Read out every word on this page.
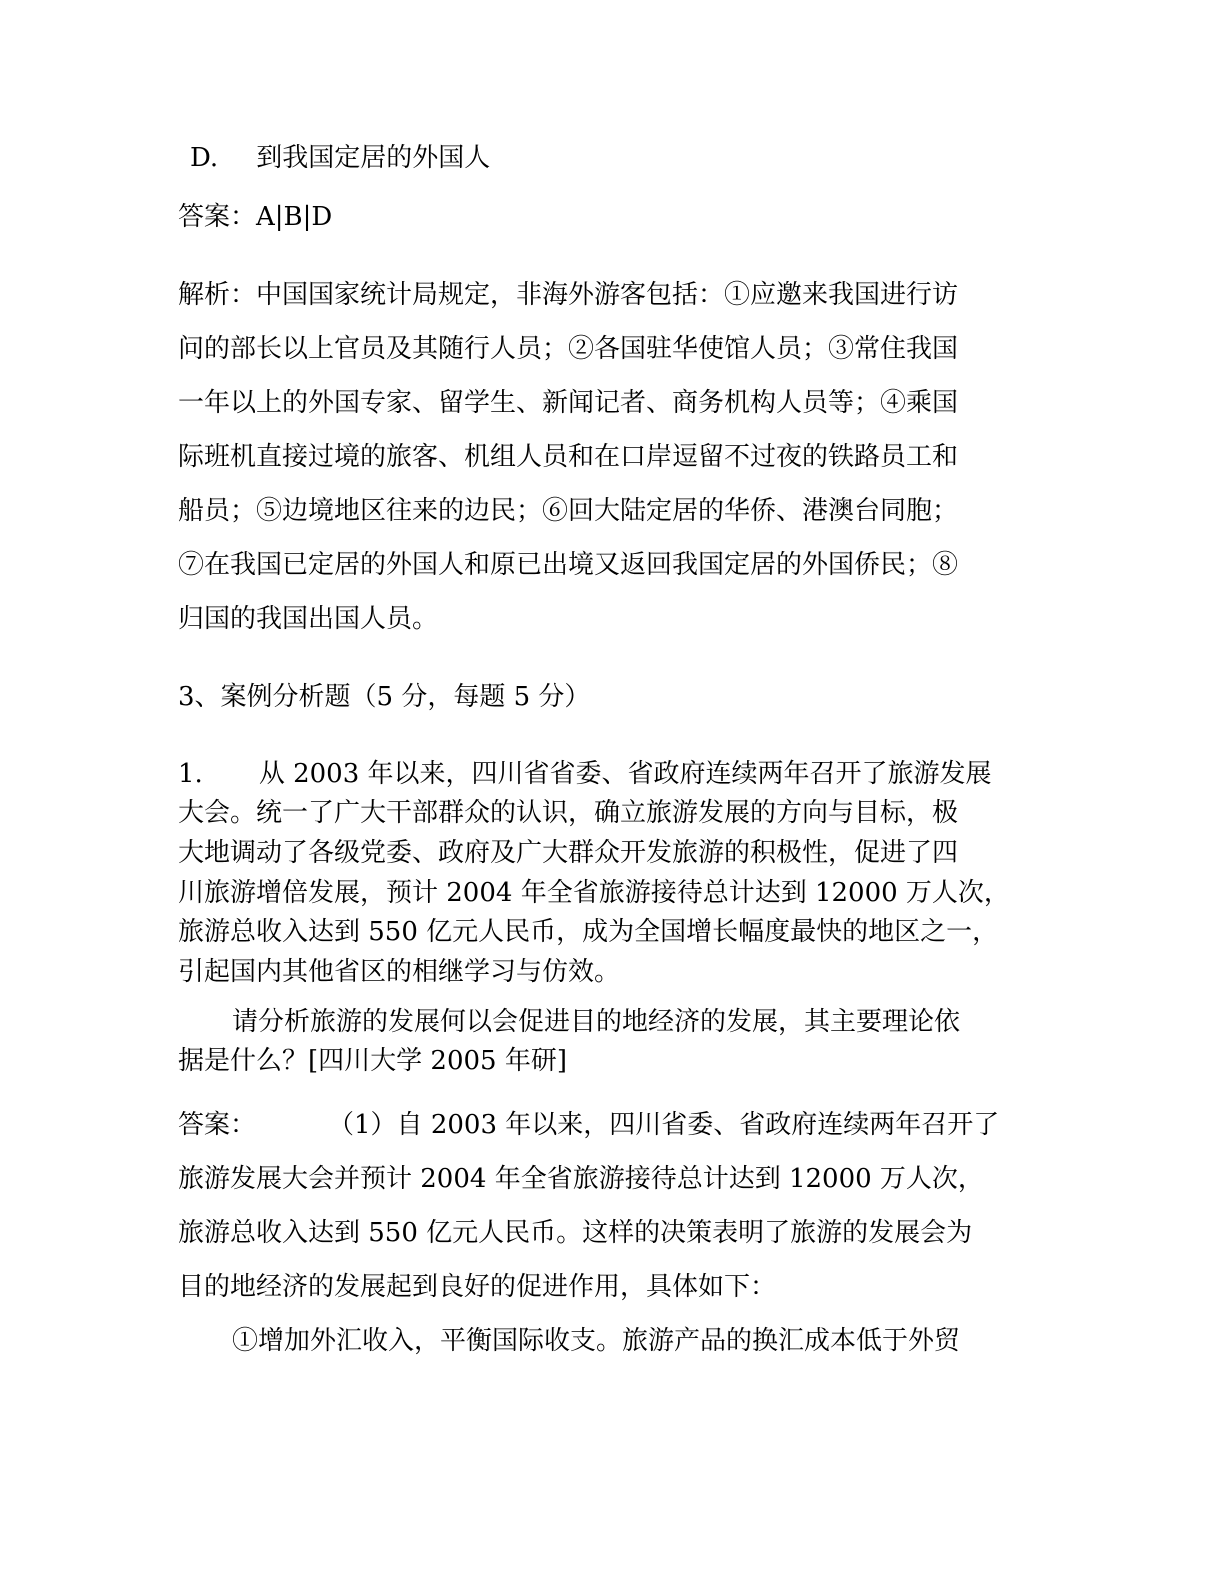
D. 到我国定居的外国人
答案：A|B|D
解析：中国国家统计局规定，非海外游客包括：①应邀来我国进行访
问的部长以上官员及其随行人员；②各国驻华使馆人员；③常住我国
一年以上的外国专家、留学生、新闻记者、商务机构人员等；④乘国
际班机直接过境的旅客、机组人员和在口岸逗留不过夜的铁路员工和
船员；⑤边境地区往来的边民；⑥回大陆定居的华侨、港澳台同胞；
⑦在我国已定居的外国人和原已出境又返回我国定居的外国侨民；⑧
归国的我国出国人员。
3、案例分析题（5 分，每题 5 分）
1. 从 2003 年以来，四川省省委、省政府连续两年召开了旅游发展
大会。统一了广大干部群众的认识，确立旅游发展的方向与目标，极
大地调动了各级党委、政府及广大群众开发旅游的积极性，促进了四
川旅游增倍发展，预计 2004 年全省旅游接待总计达到 12000 万人次，
旅游总收入达到 550 亿元人民币，成为全国增长幅度最快的地区之一，
引起国内其他省区的相继学习与仿效。
请分析旅游的发展何以会促进目的地经济的发展，其主要理论依
据是什么？[四川大学 2005 年研]
答案：	（1）自 2003 年以来，四川省委、省政府连续两年召开了
旅游发展大会并预计 2004 年全省旅游接待总计达到 12000 万人次，
旅游总收入达到 550 亿元人民币。这样的决策表明了旅游的发展会为
目的地经济的发展起到良好的促进作用，具体如下：
①增加外汇收入，平衡国际收支。旅游产品的换汇成本低于外贸
